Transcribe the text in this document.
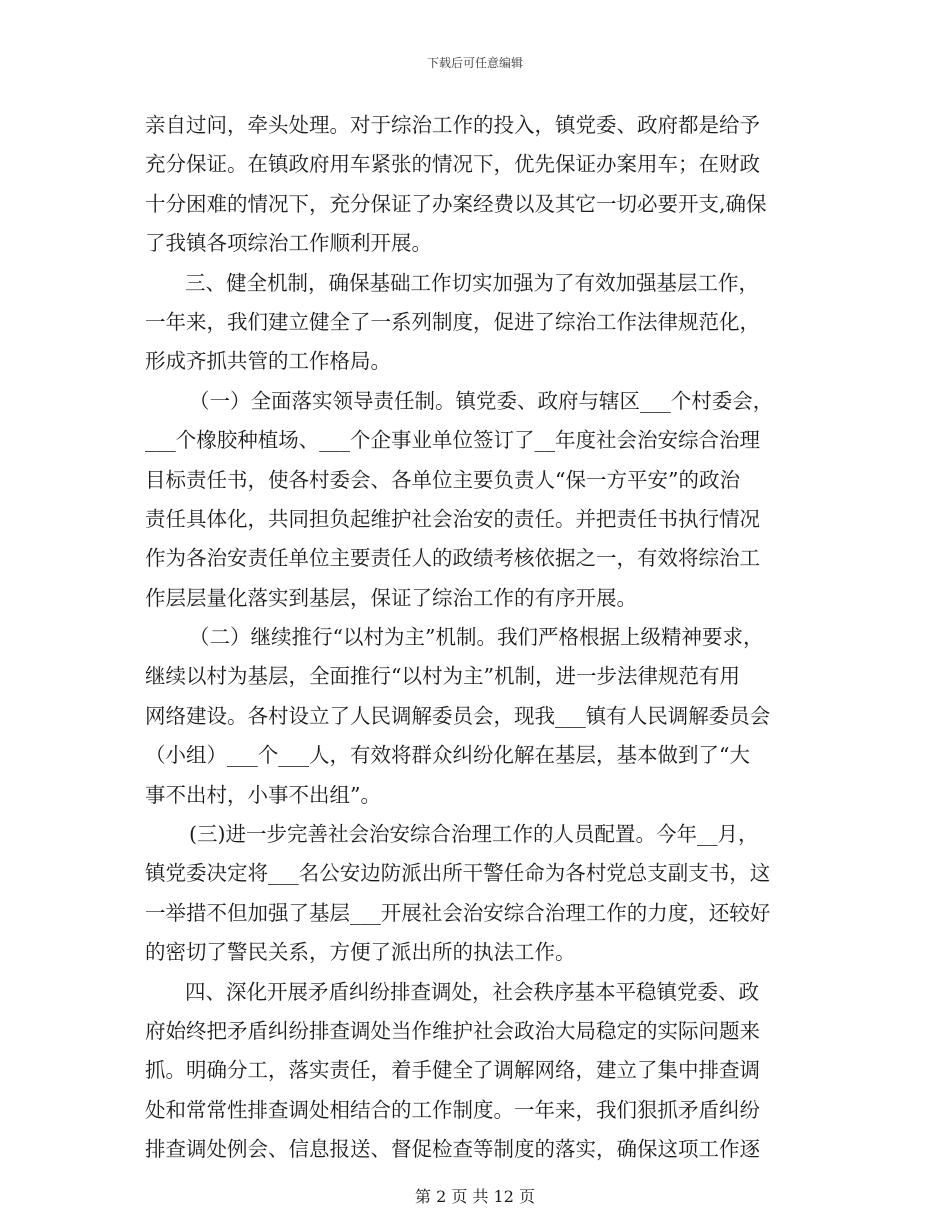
下载后可任意编辑
亲自过问，牵头处理。对于综治工作的投入，镇党委、政府都是给予
充分保证。在镇政府用车紧张的情况下，优先保证办案用车；在财政
十分困难的情况下，充分保证了办案经费以及其它一切必要开支,确保
了我镇各项综治工作顺利开展。
三、健全机制，确保基础工作切实加强为了有效加强基层工作，
一年来，我们建立健全了一系列制度，促进了综治工作法律规范化，
形成齐抓共管的工作格局。
（一）全面落实领导责任制。镇党委、政府与辖区___个村委会，
___个橡胶种植场、___个企事业单位签订了__年度社会治安综合治理
目标责任书，使各村委会、各单位主要负责人“保一方平安”的政治
责任具体化，共同担负起维护社会治安的责任。并把责任书执行情况
作为各治安责任单位主要责任人的政绩考核依据之一，有效将综治工
作层层量化落实到基层，保证了综治工作的有序开展。
（二）继续推行“以村为主”机制。我们严格根据上级精神要求，
继续以村为基层，全面推行“以村为主”机制，进一步法律规范有用
网络建设。各村设立了人民调解委员会，现我___镇有人民调解委员会
（小组）___个___人，有效将群众纠纷化解在基层，基本做到了“大
事不出村，小事不出组”。
(三)进一步完善社会治安综合治理工作的人员配置。今年__月，
镇党委决定将___名公安边防派出所干警任命为各村党总支副支书，这
一举措不但加强了基层___开展社会治安综合治理工作的力度，还较好
的密切了警民关系，方便了派出所的执法工作。
四、深化开展矛盾纠纷排查调处，社会秩序基本平稳镇党委、政
府始终把矛盾纠纷排查调处当作维护社会政治大局稳定的实际问题来
抓。明确分工，落实责任，着手健全了调解网络，建立了集中排查调
处和常常性排查调处相结合的工作制度。一年来，我们狠抓矛盾纠纷
排查调处例会、信息报送、督促检查等制度的落实，确保这项工作逐
第 2 页 共 12 页
